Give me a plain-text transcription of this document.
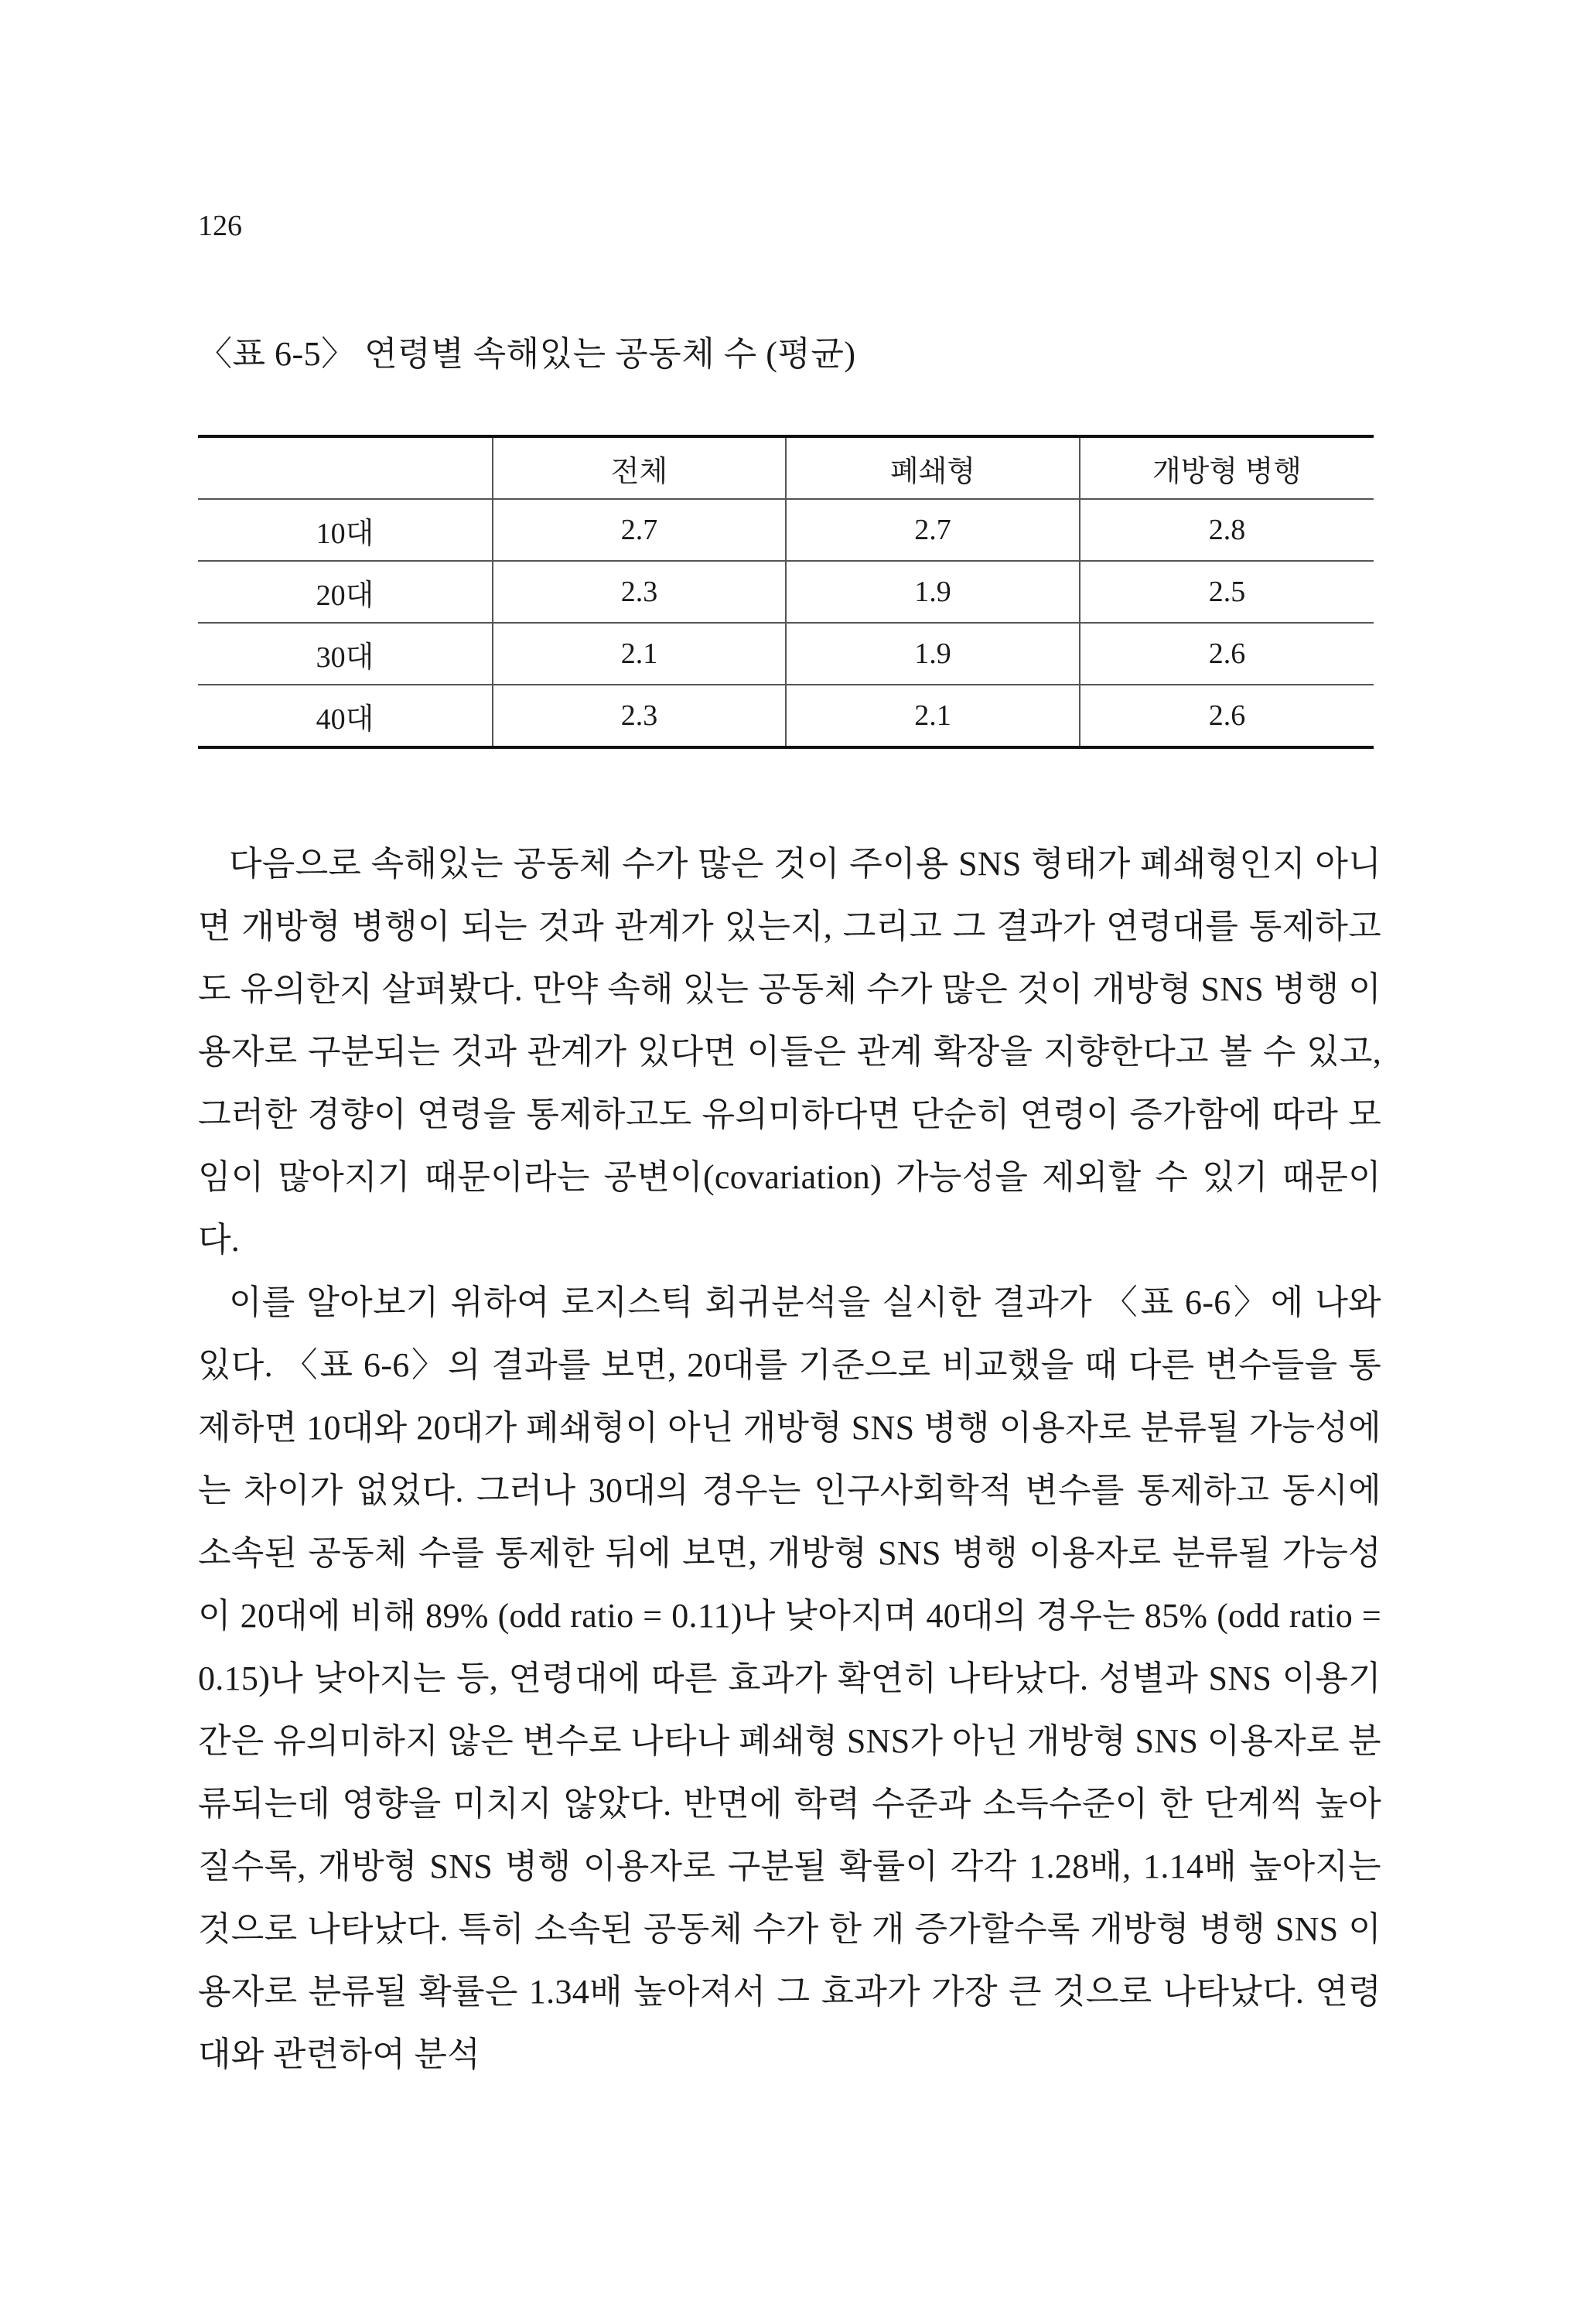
126
〈표 6-5〉 연령별 속해있는 공동체 수 (평균)
	전체	폐쇄형	개방형 병행
10대	2.7	2.7	2.8
20대	2.3	1.9	2.5
30대	2.1	1.9	2.6
40대	2.3	2.1	2.6

다음으로 속해있는 공동체 수가 많은 것이 주이용 SNS 형태가 폐쇄형인지 아니면 개방형 병행이 되는 것과 관계가 있는지, 그리고 그 결과가 연령대를 통제하고도 유의한지 살펴봤다. 만약 속해 있는 공동체 수가 많은 것이 개방형 SNS 병행 이용자로 구분되는 것과 관계가 있다면 이들은 관계 확장을 지향한다고 볼 수 있고, 그러한 경향이 연령을 통제하고도 유의미하다면 단순히 연령이 증가함에 따라 모임이 많아지기 때문이라는 공변이(covariation) 가능성을 제외할 수 있기 때문이다.

이를 알아보기 위하여 로지스틱 회귀분석을 실시한 결과가 〈표 6-6〉에 나와 있다. 〈표 6-6〉의 결과를 보면, 20대를 기준으로 비교했을 때 다른 변수들을 통제하면 10대와 20대가 폐쇄형이 아닌 개방형 SNS 병행 이용자로 분류될 가능성에는 차이가 없었다. 그러나 30대의 경우는 인구사회학적 변수를 통제하고 동시에 소속된 공동체 수를 통제한 뒤에 보면, 개방형 SNS 병행 이용자로 분류될 가능성이 20대에 비해 89% (odd ratio = 0.11)나 낮아지며 40대의 경우는 85% (odd ratio = 0.15)나 낮아지는 등, 연령대에 따른 효과가 확연히 나타났다. 성별과 SNS 이용기간은 유의미하지 않은 변수로 나타나 폐쇄형 SNS가 아닌 개방형 SNS 이용자로 분류되는데 영향을 미치지 않았다. 반면에 학력 수준과 소득수준이 한 단계씩 높아질수록, 개방형 SNS 병행 이용자로 구분될 확률이 각각 1.28배, 1.14배 높아지는 것으로 나타났다. 특히 소속된 공동체 수가 한 개 증가할수록 개방형 병행 SNS 이용자로 분류될 확률은 1.34배 높아져서 그 효과가 가장 큰 것으로 나타났다. 연령대와 관련하여 분석
